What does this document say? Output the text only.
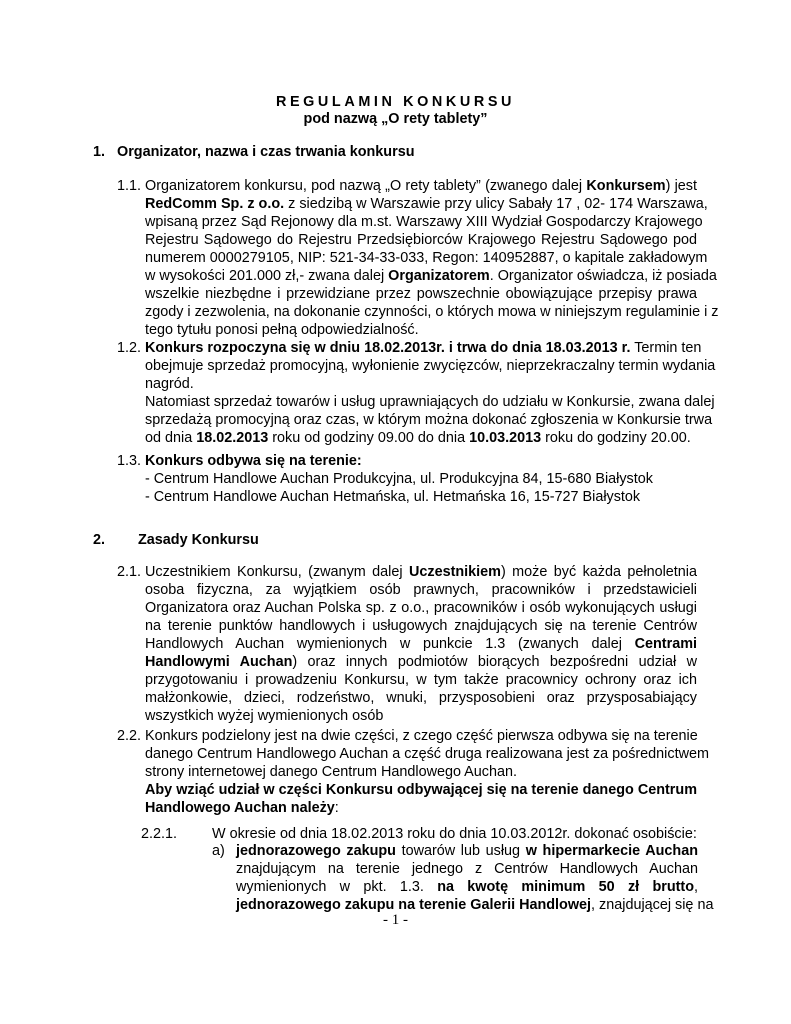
REGULAMIN KONKURSU
pod nazwą „O rety tablety”
1. Organizator, nazwa i czas trwania konkursu
1.1. Organizatorem konkursu, pod nazwą „O rety tablety” (zwanego dalej Konkursem) jest
RedComm Sp. z o.o. z siedzibą w Warszawie przy ulicy Sabały 17 , 02- 174 Warszawa,
wpisaną przez Sąd Rejonowy dla m.st. Warszawy XIII Wydział Gospodarczy Krajowego
Rejestru Sądowego do Rejestru Przedsiębiorców Krajowego Rejestru Sądowego pod
numerem 0000279105, NIP: 521-34-33-033, Regon: 140952887, o kapitale zakładowym
w wysokości 201.000 zł,- zwana dalej Organizatorem. Organizator oświadcza, iż posiada
wszelkie niezbędne i przewidziane przez powszechnie obowiązujące przepisy prawa
zgody i zezwolenia, na dokonanie czynności, o których mowa w niniejszym regulaminie i z
tego tytułu ponosi pełną odpowiedzialność.
1.2. Konkurs rozpoczyna się w dniu 18.02.2013r. i trwa do dnia 18.03.2013 r. Termin ten
obejmuje sprzedaż promocyjną, wyłonienie zwycięzców, nieprzekraczalny termin wydania
nagród.
Natomiast sprzedaż towarów i usług uprawniających do udziału w Konkursie, zwana dalej
sprzedażą promocyjną oraz czas, w którym można dokonać zgłoszenia w Konkursie trwa
od dnia 18.02.2013 roku od godziny 09.00 do dnia 10.03.2013 roku do godziny 20.00.
1.3. Konkurs odbywa się na terenie:
- Centrum Handlowe Auchan Produkcyjna, ul. Produkcyjna 84, 15-680 Białystok
- Centrum Handlowe Auchan Hetmańska, ul. Hetmańska 16, 15-727 Białystok
2. Zasady Konkursu
2.1. Uczestnikiem Konkursu, (zwanym dalej Uczestnikiem) może być każda pełnoletnia
osoba fizyczna, za wyjątkiem osób prawnych, pracowników i przedstawicieli
Organizatora oraz Auchan Polska sp. z o.o., pracowników i osób wykonujących usługi
na terenie punktów handlowych i usługowych znajdujących się na terenie Centrów
Handlowych Auchan wymienionych w punkcie 1.3 (zwanych dalej Centrami
Handlowymi Auchan) oraz innych podmiotów biorących bezpośredni udział w
przygotowaniu i prowadzeniu Konkursu, w tym także pracownicy ochrony oraz ich
małżonkowie, dzieci, rodzeństwo, wnuki, przysposobieni oraz przysposabiający
wszystkich wyżej wymienionych osób
2.2. Konkurs podzielony jest na dwie części, z czego część pierwsza odbywa się na terenie
danego Centrum Handlowego Auchan a część druga realizowana jest za pośrednictwem
strony internetowej danego Centrum Handlowego Auchan.
Aby wziąć udział w części Konkursu odbywającej się na terenie danego Centrum
Handlowego Auchan należy:
2.2.1. W okresie od dnia 18.02.2013 roku do dnia 10.03.2012r. dokonać osobiście:
a) jednorazowego zakupu towarów lub usług w hipermarkecie Auchan
znajdującym na terenie jednego z Centrów Handlowych Auchan
wymienionych w pkt. 1.3. na kwotę minimum 50 zł brutto,
jednorazowego zakupu na terenie Galerii Handlowej, znajdującej się na
- 1 -
